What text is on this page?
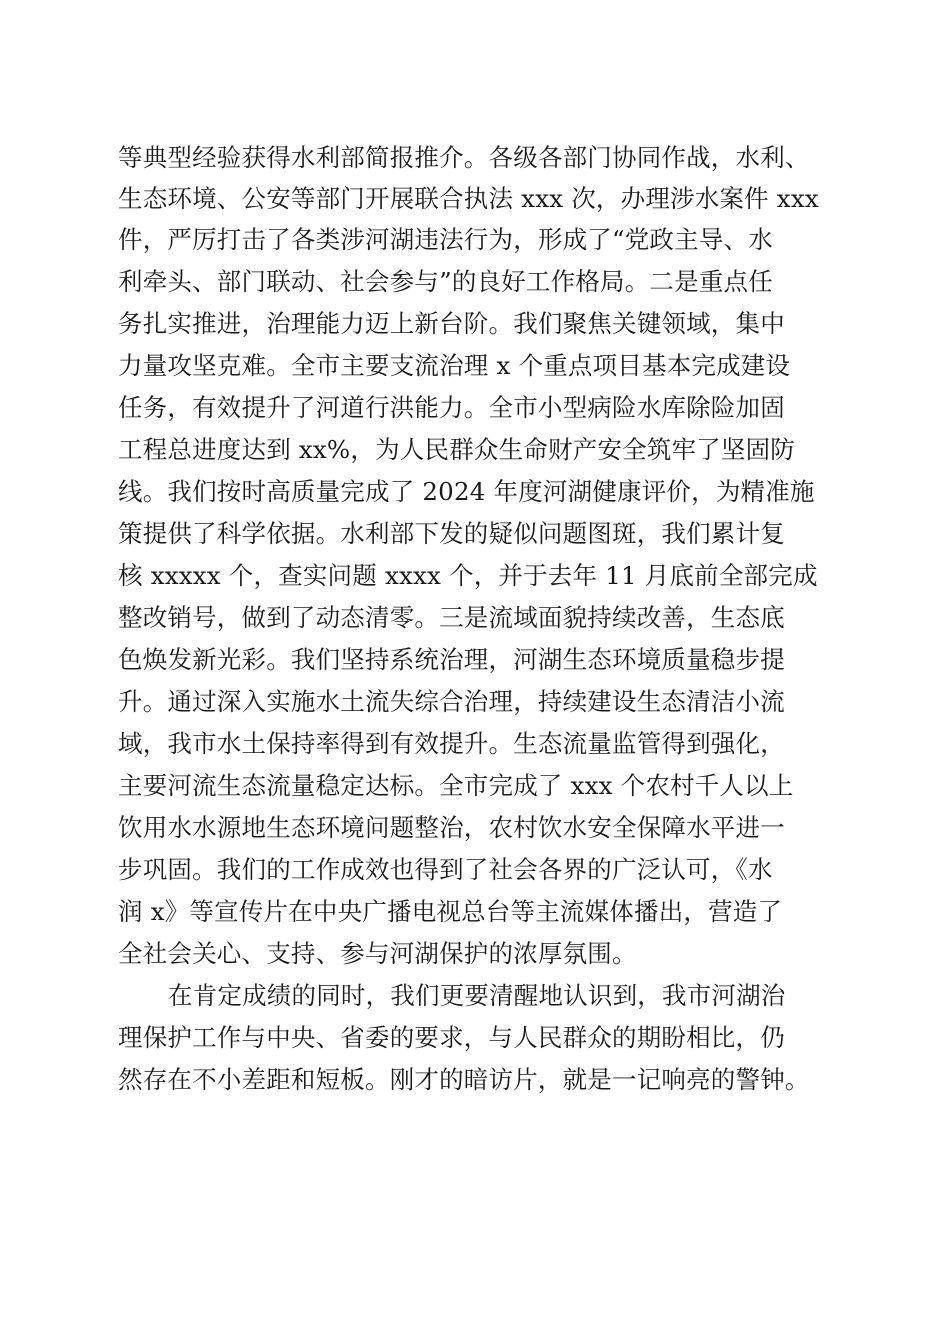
等典型经验获得水利部简报推介。各级各部门协同作战，水利、
生态环境、公安等部门开展联合执法 xxx 次，办理涉水案件 xxx
件，严厉打击了各类涉河湖违法行为，形成了“党政主导、水
利牵头、部门联动、社会参与”的良好工作格局。二是重点任
务扎实推进，治理能力迈上新台阶。我们聚焦关键领域，集中
力量攻坚克难。全市主要支流治理 x 个重点项目基本完成建设
任务，有效提升了河道行洪能力。全市小型病险水库除险加固
工程总进度达到 xx%，为人民群众生命财产安全筑牢了坚固防
线。我们按时高质量完成了 2024 年度河湖健康评价，为精准施
策提供了科学依据。水利部下发的疑似问题图斑，我们累计复
核 xxxxx 个，查实问题 xxxx 个，并于去年 11 月底前全部完成
整改销号，做到了动态清零。三是流域面貌持续改善，生态底
色焕发新光彩。我们坚持系统治理，河湖生态环境质量稳步提
升。通过深入实施水土流失综合治理，持续建设生态清洁小流
域，我市水土保持率得到有效提升。生态流量监管得到强化，
主要河流生态流量稳定达标。全市完成了 xxx 个农村千人以上
饮用水水源地生态环境问题整治，农村饮水安全保障水平进一
步巩固。我们的工作成效也得到了社会各界的广泛认可，《水
润 x》等宣传片在中央广播电视总台等主流媒体播出，营造了
全社会关心、支持、参与河湖保护的浓厚氛围。
在肯定成绩的同时，我们更要清醒地认识到，我市河湖治
理保护工作与中央、省委的要求，与人民群众的期盼相比，仍
然存在不小差距和短板。刚才的暗访片，就是一记响亮的警钟。
